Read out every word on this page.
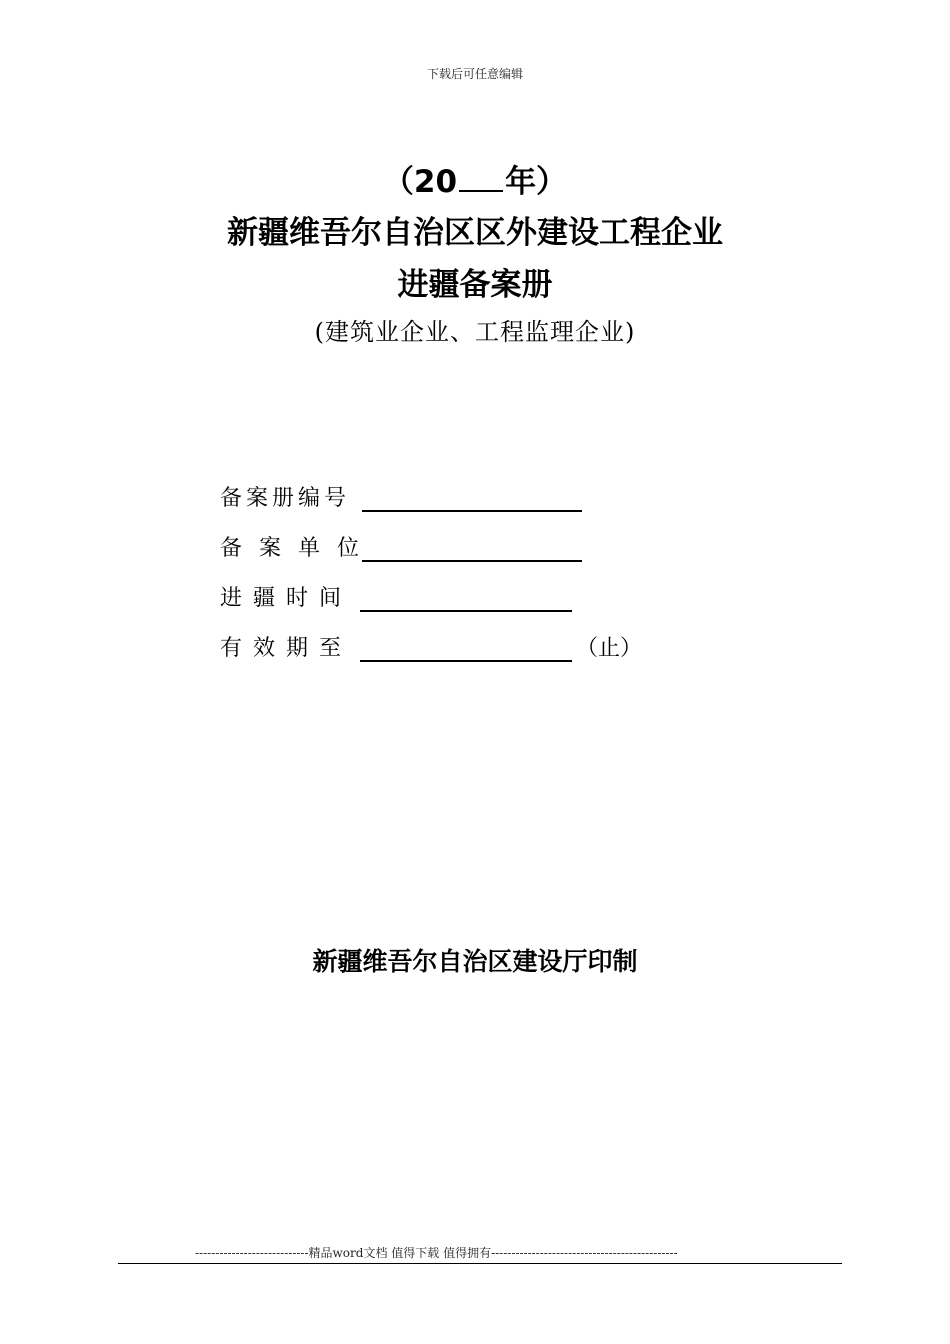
下载后可任意编辑
（20 年）
新疆维吾尔自治区区外建设工程企业
进疆备案册
(建筑业企业、工程监理企业)
备案册编号
备案单位
进疆时间
有效期至	（止）
新疆维吾尔自治区建设厅印制
----------------------------精品word文档 值得下载 值得拥有----------------------------------------------
